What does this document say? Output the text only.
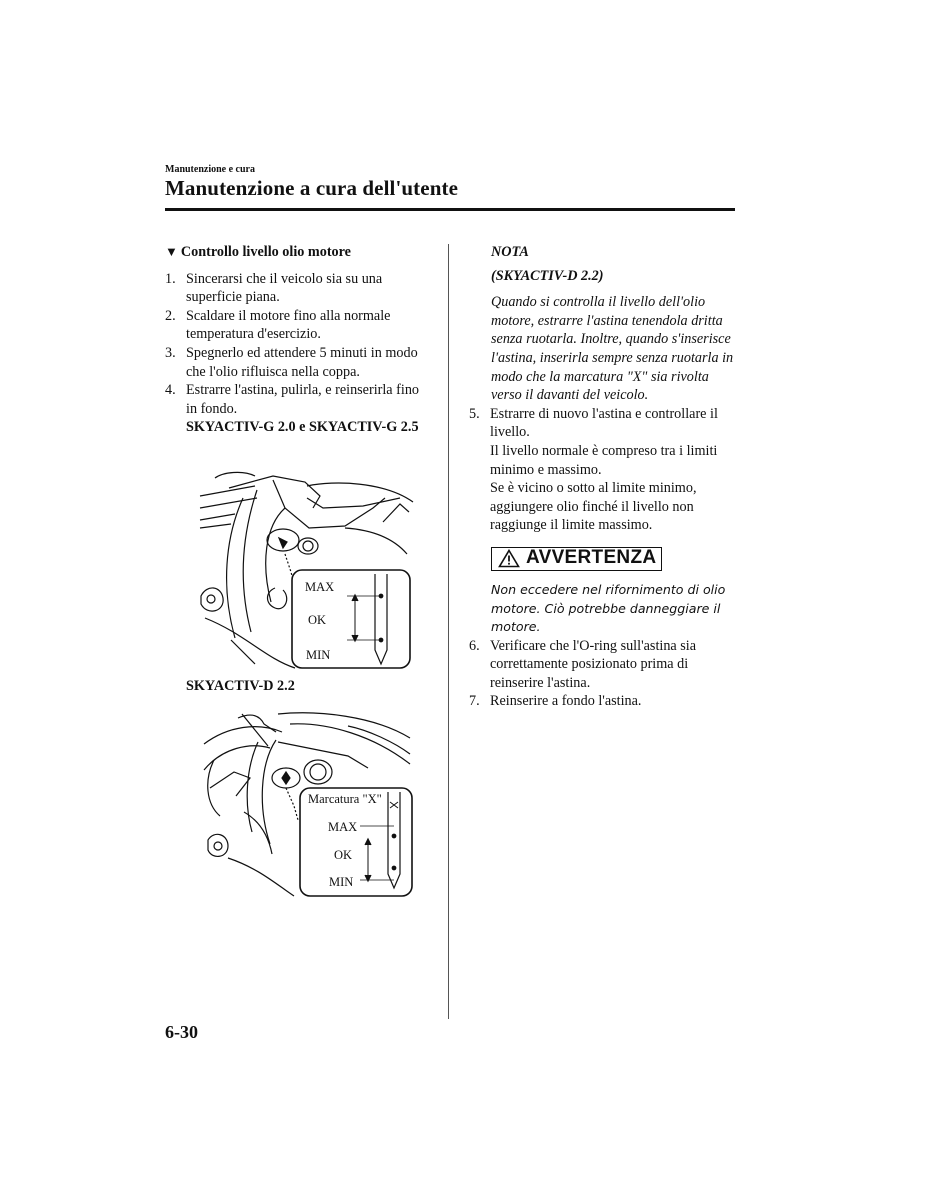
Manutenzione e cura
Manutenzione a cura dell'utente
▼ Controllo livello olio motore
1. Sincerarsi che il veicolo sia su una superficie piana.
2. Scaldare il motore fino alla normale temperatura d'esercizio.
3. Spegnerlo ed attendere 5 minuti in modo che l'olio rifluisca nella coppa.
4. Estrarre l'astina, pulirla, e reinserirla fino in fondo.
SKYACTIV-G 2.0 e SKYACTIV-G 2.5
MAX
OK
MIN
SKYACTIV-D 2.2
Marcatura "X"
MAX
OK
MIN
NOTA
(SKYACTIV-D 2.2)
Quando si controlla il livello dell'olio motore, estrarre l'astina tenendola dritta senza ruotarla. Inoltre, quando s'inserisce l'astina, inserirla sempre senza ruotarla in modo che la marcatura "X" sia rivolta verso il davanti del veicolo.
5. Estrarre di nuovo l'astina e controllare il livello.
Il livello normale è compreso tra i limiti minimo e massimo.
Se è vicino o sotto al limite minimo, aggiungere olio finché il livello non raggiunge il limite massimo.
AVVERTENZA
Non eccedere nel rifornimento di olio motore. Ciò potrebbe danneggiare il motore.
6. Verificare che l'O-ring sull'astina sia correttamente posizionato prima di reinserire l'astina.
7. Reinserire a fondo l'astina.
6-30
